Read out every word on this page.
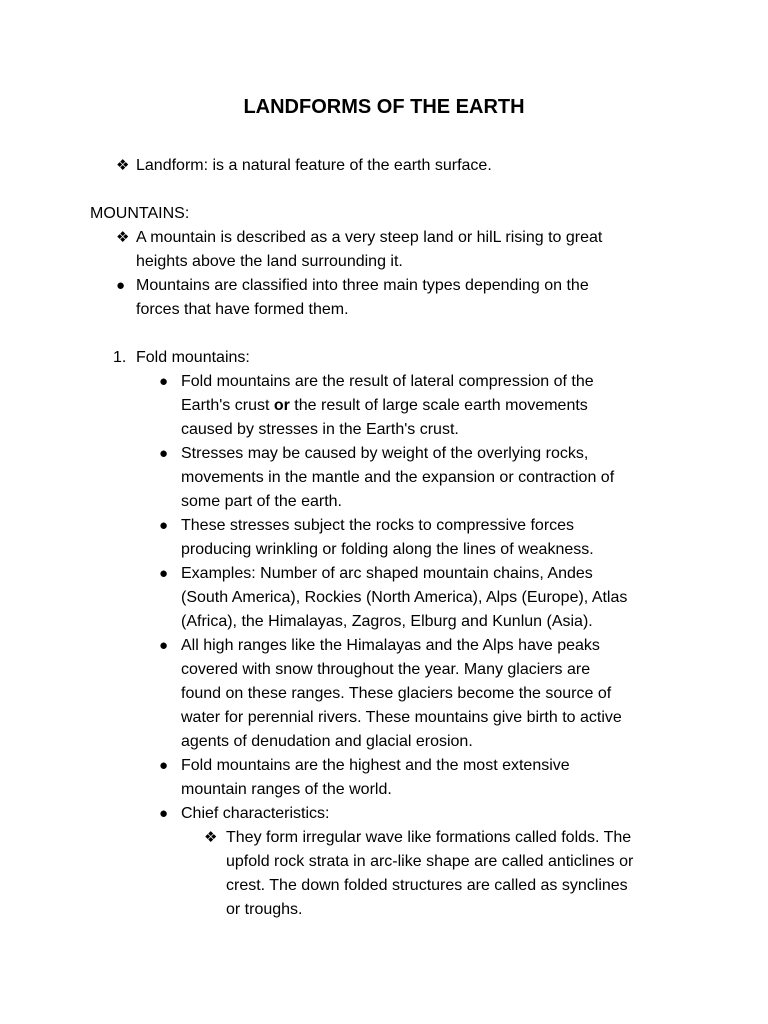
LANDFORMS OF THE EARTH
❖ Landform: is a natural feature of the earth surface.
MOUNTAINS:
❖ A mountain is described as a very steep land or hilL rising to great
heights above the land surrounding it.
● Mountains are classified into three main types depending on the
forces that have formed them.
1. Fold mountains:
● Fold mountains are the result of lateral compression of the
Earth's crust or the result of large scale earth movements
caused by stresses in the Earth's crust.
● Stresses may be caused by weight of the overlying rocks,
movements in the mantle and the expansion or contraction of
some part of the earth.
● These stresses subject the rocks to compressive forces
producing wrinkling or folding along the lines of weakness.
● Examples: Number of arc shaped mountain chains, Andes
(South America), Rockies (North America), Alps (Europe), Atlas
(Africa), the Himalayas, Zagros, Elburg and Kunlun (Asia).
● All high ranges like the Himalayas and the Alps have peaks
covered with snow throughout the year. Many glaciers are
found on these ranges. These glaciers become the source of
water for perennial rivers. These mountains give birth to active
agents of denudation and glacial erosion.
● Fold mountains are the highest and the most extensive
mountain ranges of the world.
● Chief characteristics:
❖ They form irregular wave like formations called folds. The
upfold rock strata in arc-like shape are called anticlines or
crest. The down folded structures are called as synclines
or troughs.
